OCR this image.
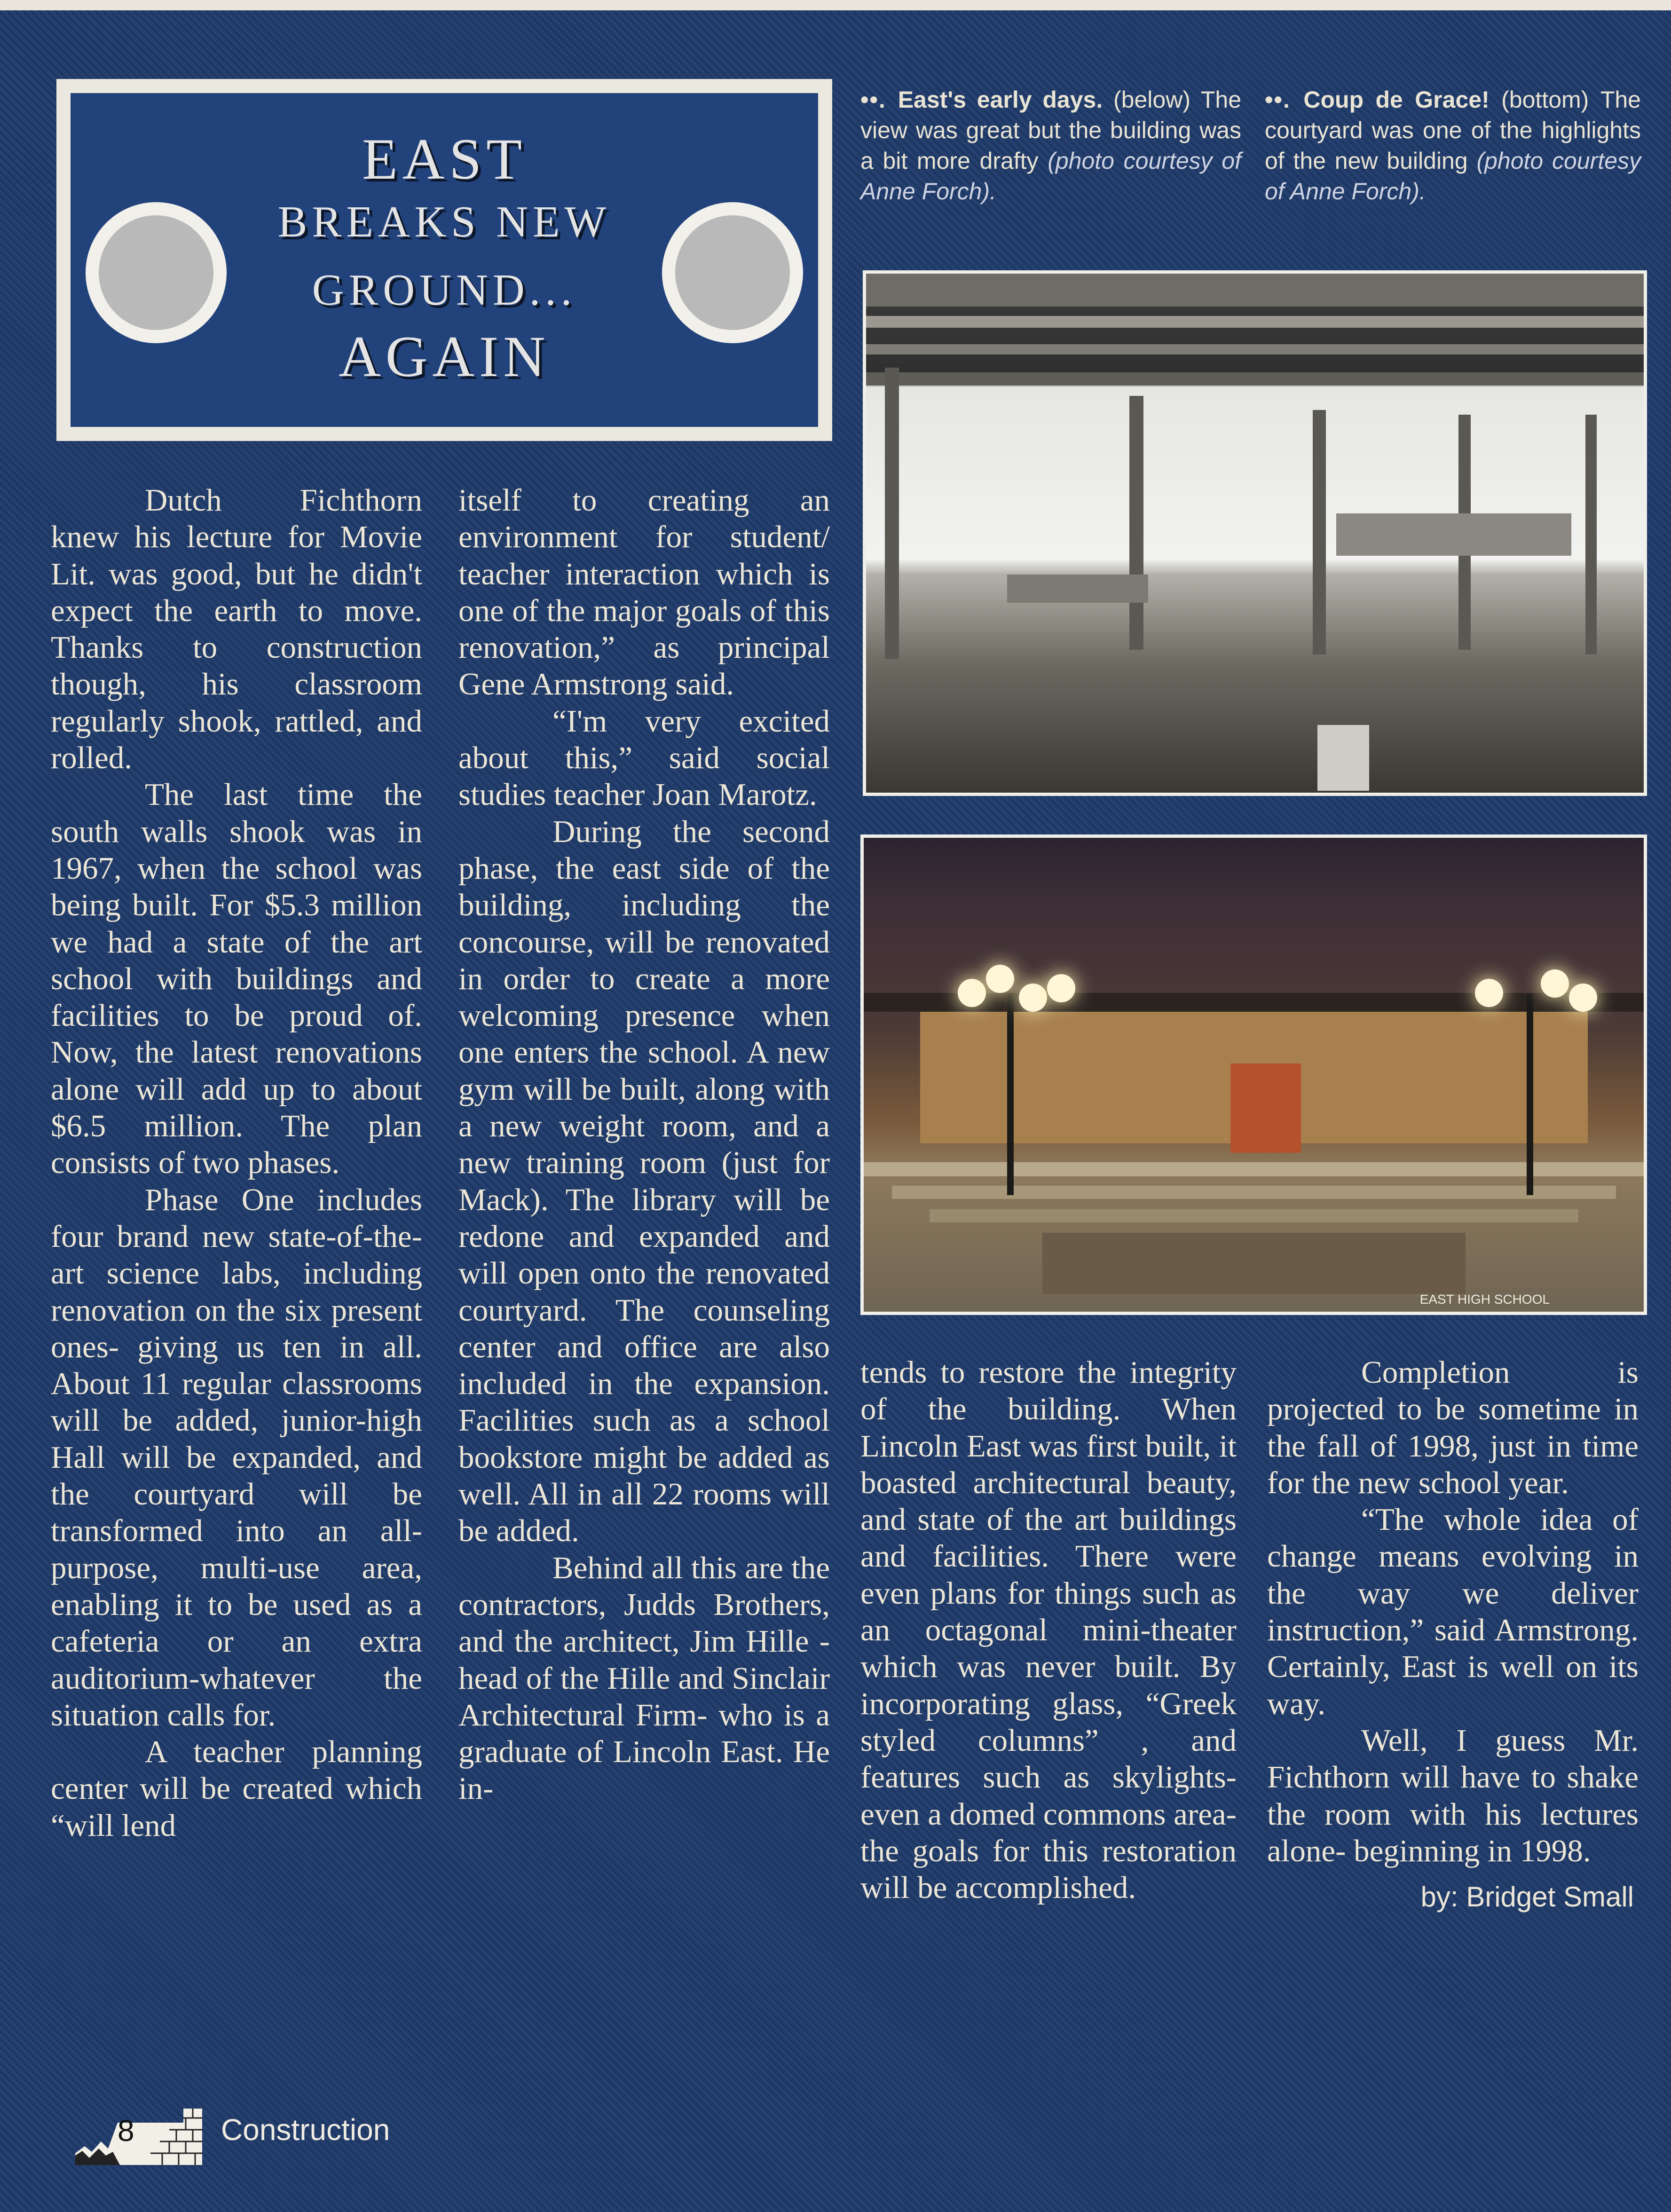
EAST
BREAKS NEW
GROUND...
AGAIN
••. East's early days. (below) The view was great but the building was a bit more drafty (photo courtesy of Anne Forch).
••. Coup de Grace! (bottom) The courtyard was one of the highlights of the new building (photo courtesy of Anne Forch).
EAST HIGH SCHOOL

Dutch Fichthorn knew his lecture for Movie Lit. was good, but he didn't expect the earth to move. Thanks to construction though, his classroom regularly shook, rattled, and rolled.

The last time the south walls shook was in 1967, when the school was being built. For $5.3 million we had a state of the art school with buildings and facilities to be proud of. Now, the latest renovations alone will add up to about $6.5 million. The plan consists of two phases.

Phase One includes four brand new state-of-the-art science labs, including renovation on the six present ones- giving us ten in all. About 11 regular classrooms will be added, junior-high Hall will be expanded, and the courtyard will be transformed into an all-purpose, multi-use area, enabling it to be used as a cafeteria or an extra auditorium-whatever the situation calls for.

A teacher planning center will be created which “will lend

itself to creating an environment for student/ teacher interaction which is one of the major goals of this renovation,” as principal Gene Armstrong said.

“I'm very excited about this,” said social studies teacher Joan Marotz.

During the second phase, the east side of the building, including the concourse, will be renovated in order to create a more welcoming presence when one enters the school. A new gym will be built, along with a new weight room, and a new training room (just for Mack). The library will be redone and expanded and will open onto the renovated courtyard. The counseling center and office are also included in the expansion. Facilities such as a school bookstore might be added as well. All in all 22 rooms will be added.

Behind all this are the contractors, Judds Brothers, and the architect, Jim Hille - head of the Hille and Sinclair Architectural Firm- who is a graduate of Lincoln East. He in-

tends to restore the integrity of the building. When Lincoln East was first built, it boasted architectural beauty, and state of the art buildings and facilities. There were even plans for things such as an octagonal mini-theater which was never built. By incorporating glass, “Greek styled columns” , and features such as skylights-even a domed commons area- the goals for this restoration will be accomplished.

Completion is projected to be sometime in the fall of 1998, just in time for the new school year.

“The whole idea of change means evolving in the way we deliver instruction,” said Armstrong. Certainly, East is well on its way.

Well, I guess Mr. Fichthorn will have to shake the room with his lectures alone- beginning in 1998.

by: Bridget Small
8	Construction
